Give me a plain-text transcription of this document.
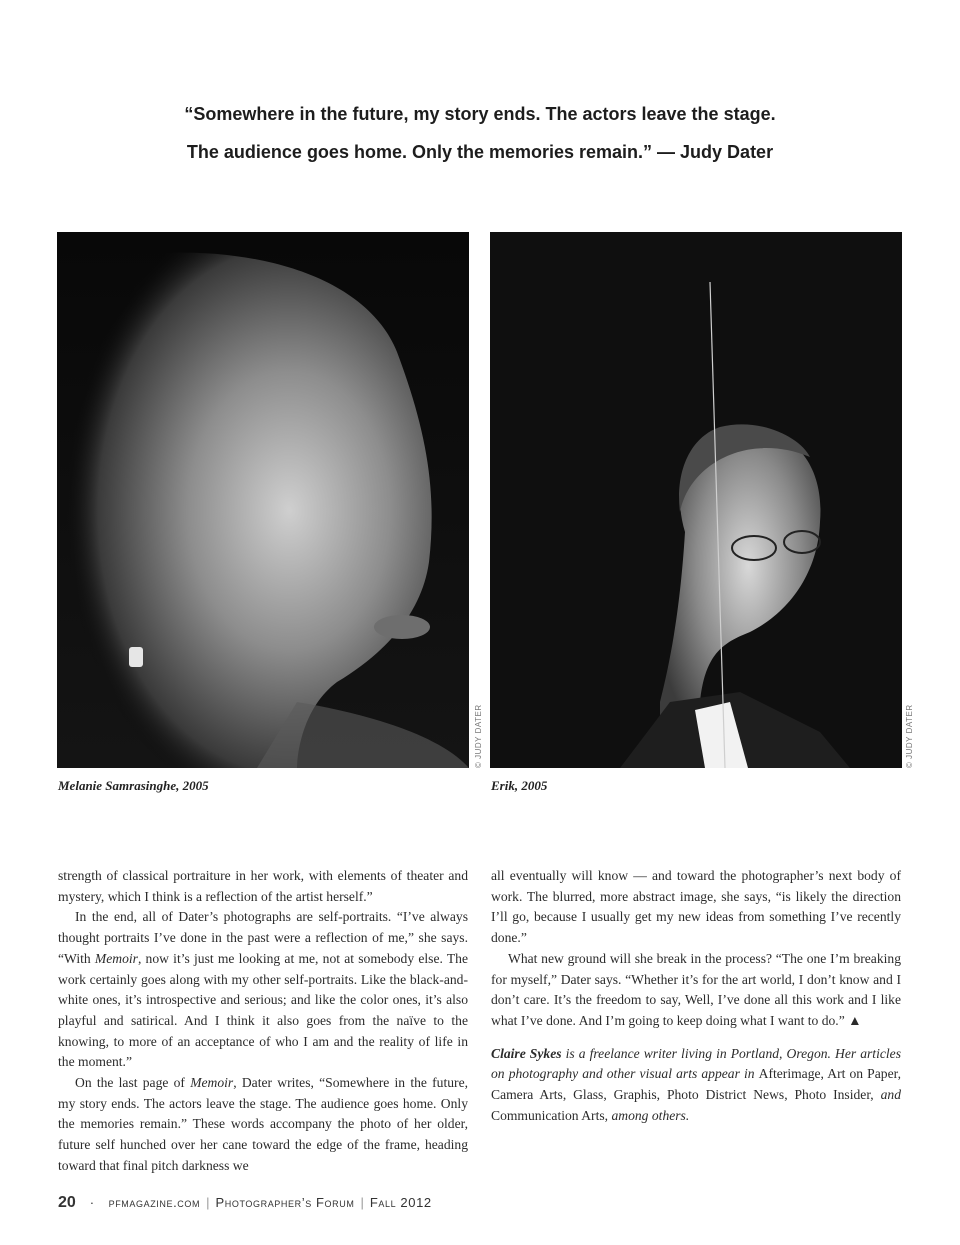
“Somewhere in the future, my story ends. The actors leave the stage.
The audience goes home. Only the memories remain.” — Judy Dater
© JUDY DATER	© JUDY DATER
Melanie Samrasinghe, 2005	Erik, 2005

strength of classical portraiture in her work, with elements of theater and mystery, which I think is a reflection of the artist herself.”

In the end, all of Dater’s photographs are self-portraits. “I’ve always thought portraits I’ve done in the past were a reflection of me,” she says. “With Memoir, now it’s just me looking at me, not at somebody else. The work certainly goes along with my other self-portraits. Like the black-and-white ones, it’s introspective and serious; and like the color ones, it’s also playful and satirical. And I think it also goes from the naïve to the knowing, to more of an acceptance of who I am and the reality of life in the moment.”

On the last page of Memoir, Dater writes, “Somewhere in the future, my story ends. The actors leave the stage. The audience goes home. Only the memories remain.” These words accompany the photo of her older, future self hunched over her cane toward the edge of the frame, heading toward that final pitch darkness we

all eventually will know — and toward the photographer’s next body of work. The blurred, more abstract image, she says, “is likely the direction I’ll go, because I usually get my new ideas from something I’ve recently done.”

What new ground will she break in the process? “The one I’m breaking for myself,” Dater says. “Whether it’s for the art world, I don’t know and I don’t care. It’s the freedom to say, Well, I’ve done all this work and I like what I’ve done. And I’m going to keep doing what I want to do.” ▲

Claire Sykes is a freelance writer living in Portland, Oregon. Her articles on photography and other visual arts appear in Afterimage, Art on Paper, Camera Arts, Glass, Graphis, Photo District News, Photo Insider, and Communication Arts, among others.

20 · pfmagazine.com | Photographer’s Forum | Fall 2012
